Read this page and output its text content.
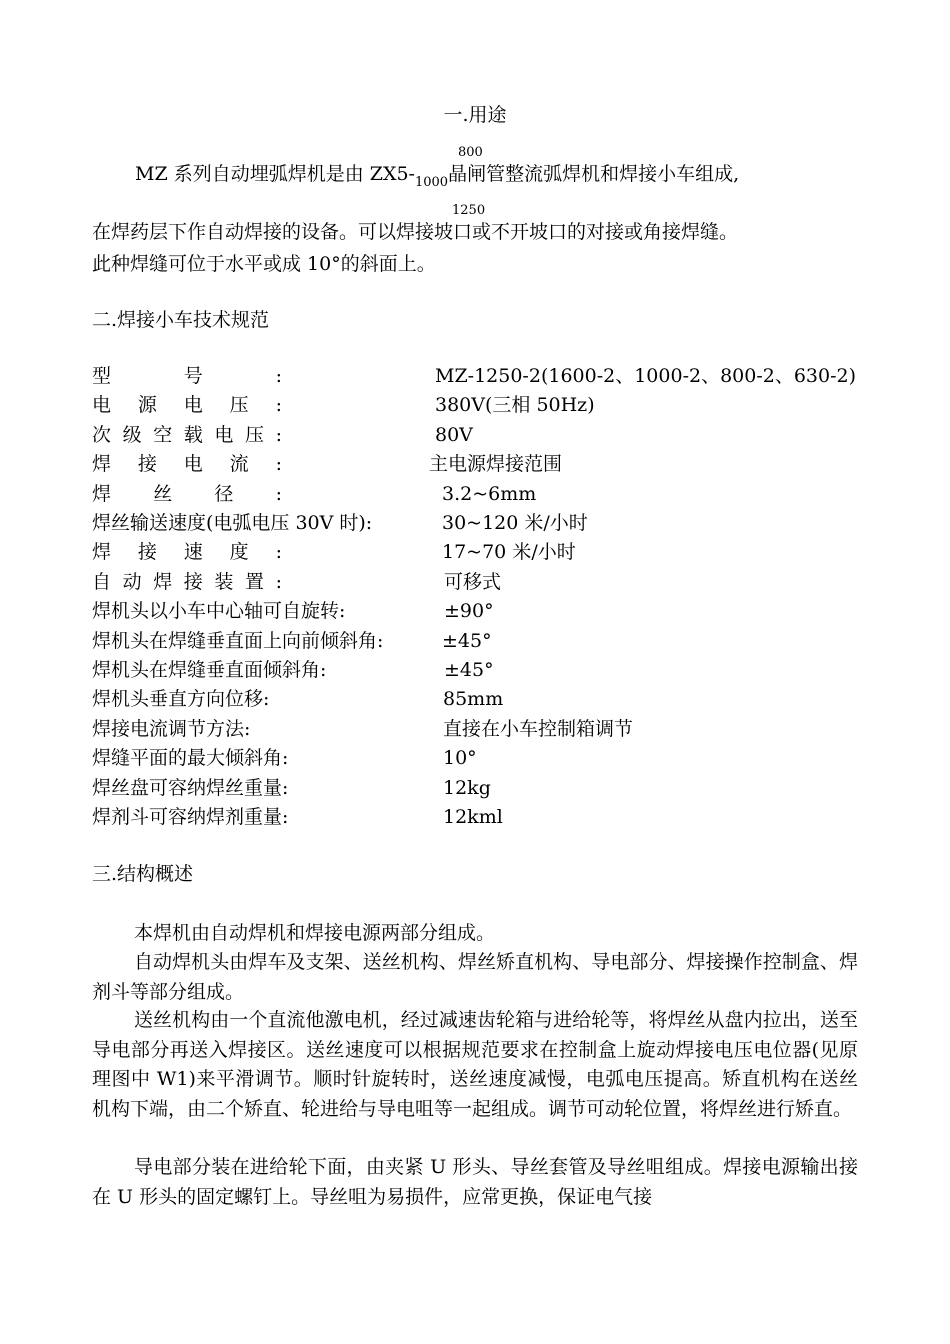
一.用途
800
MZ 系列自动埋弧焊机是由 $ZX5-_{1000}$晶闸管整流弧焊机和焊接小车组成,
1250
在焊药层下作自动焊接的设备。可以焊接坡口或不开坡口的对接或角接焊缝。
此种焊缝可位于水平或成 10°的斜面上。
二.焊接小车技术规范
型	号	:	MZ-1250-2(1600-2、1000-2、800-2、630-2)
电 源 电 压 :	380V(三相 50Hz)
次 级 空 载 电 压 :	80V
焊 接 电 流 :	主电源焊接范围
焊 丝 径 :	3.2~6mm
焊丝输送速度(电弧电压 30V 时):	30~120 米/小时
焊 接 速 度 :	17~70 米/小时
自 动 焊 接 装 置 :	可移式
焊机头以小车中心轴可自旋转:	±90°
焊机头在焊缝垂直面上向前倾斜角:	±45°
焊机头在焊缝垂直面倾斜角:	±45°
焊机头垂直方向位移:	85mm
焊接电流调节方法:	直接在小车控制箱调节
焊缝平面的最大倾斜角:	10°
焊丝盘可容纳焊丝重量:	12kg
焊剂斗可容纳焊剂重量:	12kml
三.结构概述
本焊机由自动焊机和焊接电源两部分组成。
自动焊机头由焊车及支架、送丝机构、焊丝矫直机构、导电部分、焊接操作控制盒、焊剂斗等部分组成。
送丝机构由一个直流他激电机，经过减速齿轮箱与进给轮等，将焊丝从盘内拉出，送至导电部分再送入焊接区。送丝速度可以根据规范要求在控制盒上旋动焊接电压电位器(见原理图中 W1)来平滑调节。顺时针旋转时，送丝速度减慢，电弧电压提高。矫直机构在送丝机构下端，由二个矫直、轮进给与导电咀等一起组成。调节可动轮位置，将焊丝进行矫直。
导电部分装在进给轮下面，由夹紧 U 形头、导丝套管及导丝咀组成。焊接电源输出接在 U 形头的固定螺钉上。导丝咀为易损件，应常更换，保证电气接
